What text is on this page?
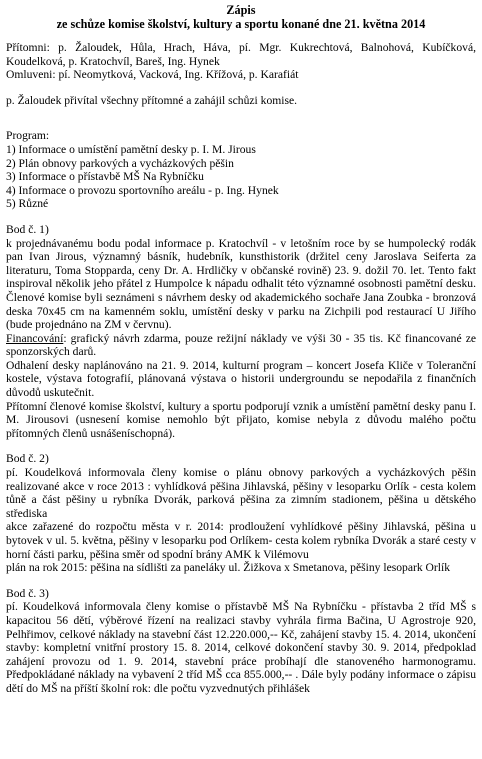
Zápis

ze schůze komise školství, kultury a sportu konané dne 21. května 2014

Přítomni: p. Žaloudek, Hůla, Hrach, Háva, pí. Mgr. Kukrechtová, Balnohová, Kubíčková, Koudelková, p. Kratochvíl, Bareš, Ing. Hynek

Omluveni: pí. Neomytková, Vacková, Ing. Křížová, p. Karafiát

p. Žaloudek přivítal všechny přítomné a zahájil schůzi komise.

Program:

1) Informace o umístění pamětní desky p. I. M. Jirous
2) Plán obnovy parkových a vycházkových pěšin
3) Informace o přístavbě MŠ Na Rybníčku
4) Informace o provozu sportovního areálu - p. Ing. Hynek
5) Různé

Bod č. 1)

k projednávanému bodu podal informace p. Kratochvíl - v letošním roce by se humpolecký rodák pan Ivan Jirous, významný básník, hudebník, kunsthistorik (držitel ceny Jaroslava Seiferta za literaturu, Toma Stopparda, ceny Dr. A. Hrdličky v občanské rovině) 23. 9. dožil 70. let. Tento fakt inspiroval několik jeho přátel z Humpolce k nápadu odhalit této významné osobnosti pamětní desku. Členové komise byli seznámeni s návrhem desky od akademického sochaře Jana Zoubka - bronzová deska 70x45 cm na kamenném soklu, umístění desky v parku na Zichpili pod restaurací U Jiřího (bude projednáno na ZM v červnu).

Financování: grafický návrh zdarma, pouze režijní náklady ve výši 30 - 35 tis. Kč financované ze sponzorských darů.

Odhalení desky naplánováno na 21. 9. 2014, kulturní program – koncert Josefa Kliče v Toleranční kostele, výstava fotografií, plánovaná výstava o historii undergroundu se nepodařila z finančních důvodů uskutečnit.

Přítomní členové komise školství, kultury a sportu podporují vznik a umístění pamětní desky panu I. M. Jirousovi (usnesení komise nemohlo být přijato, komise nebyla z důvodu malého počtu přítomných členů usnášeníschopná).

Bod č. 2)

pí. Koudelková informovala členy komise o plánu obnovy parkových a vycházkových pěšin realizované akce v roce 2013 : vyhlídková pěšina Jihlavská, pěšiny v lesoparku Orlík - cesta kolem tůně a část pěšiny u rybníka Dvorák, parková pěšina za zimním stadionem, pěšina u dětského střediska

akce zařazené do rozpočtu města v r. 2014: prodloužení vyhlídkové pěšiny Jihlavská, pěšina u bytovek v ul. 5. května, pěšiny v lesoparku pod Orlíkem- cesta kolem rybníka Dvorák a staré cesty v horní části parku, pěšina směr od spodní brány AMK k Vilémovu

plán na rok 2015: pěšina na sídlišti za paneláky ul. Žižkova x Smetanova, pěšiny lesopark Orlík

Bod č. 3)

pí. Koudelková informovala členy komise o přístavbě MŠ Na Rybníčku - přístavba 2 tříd MŠ s kapacitou 56 dětí, výběrové řízení na realizaci stavby vyhrála firma Bačina, U Agrostroje 920, Pelhřimov, celkové náklady na stavební část 12.220.000,-- Kč, zahájení stavby 15. 4. 2014, ukončení stavby: kompletní vnitřní prostory 15. 8. 2014, celkové dokončení stavby 30. 9. 2014, předpoklad zahájení provozu od 1. 9. 2014, stavební práce probíhají dle stanoveného harmonogramu. Předpokládané náklady na vybavení 2 tříd MŠ cca 855.000,-- . Dále byly podány informace o zápisu dětí do MŠ na příští školní rok: dle počtu vyzvednutých přihlášek
